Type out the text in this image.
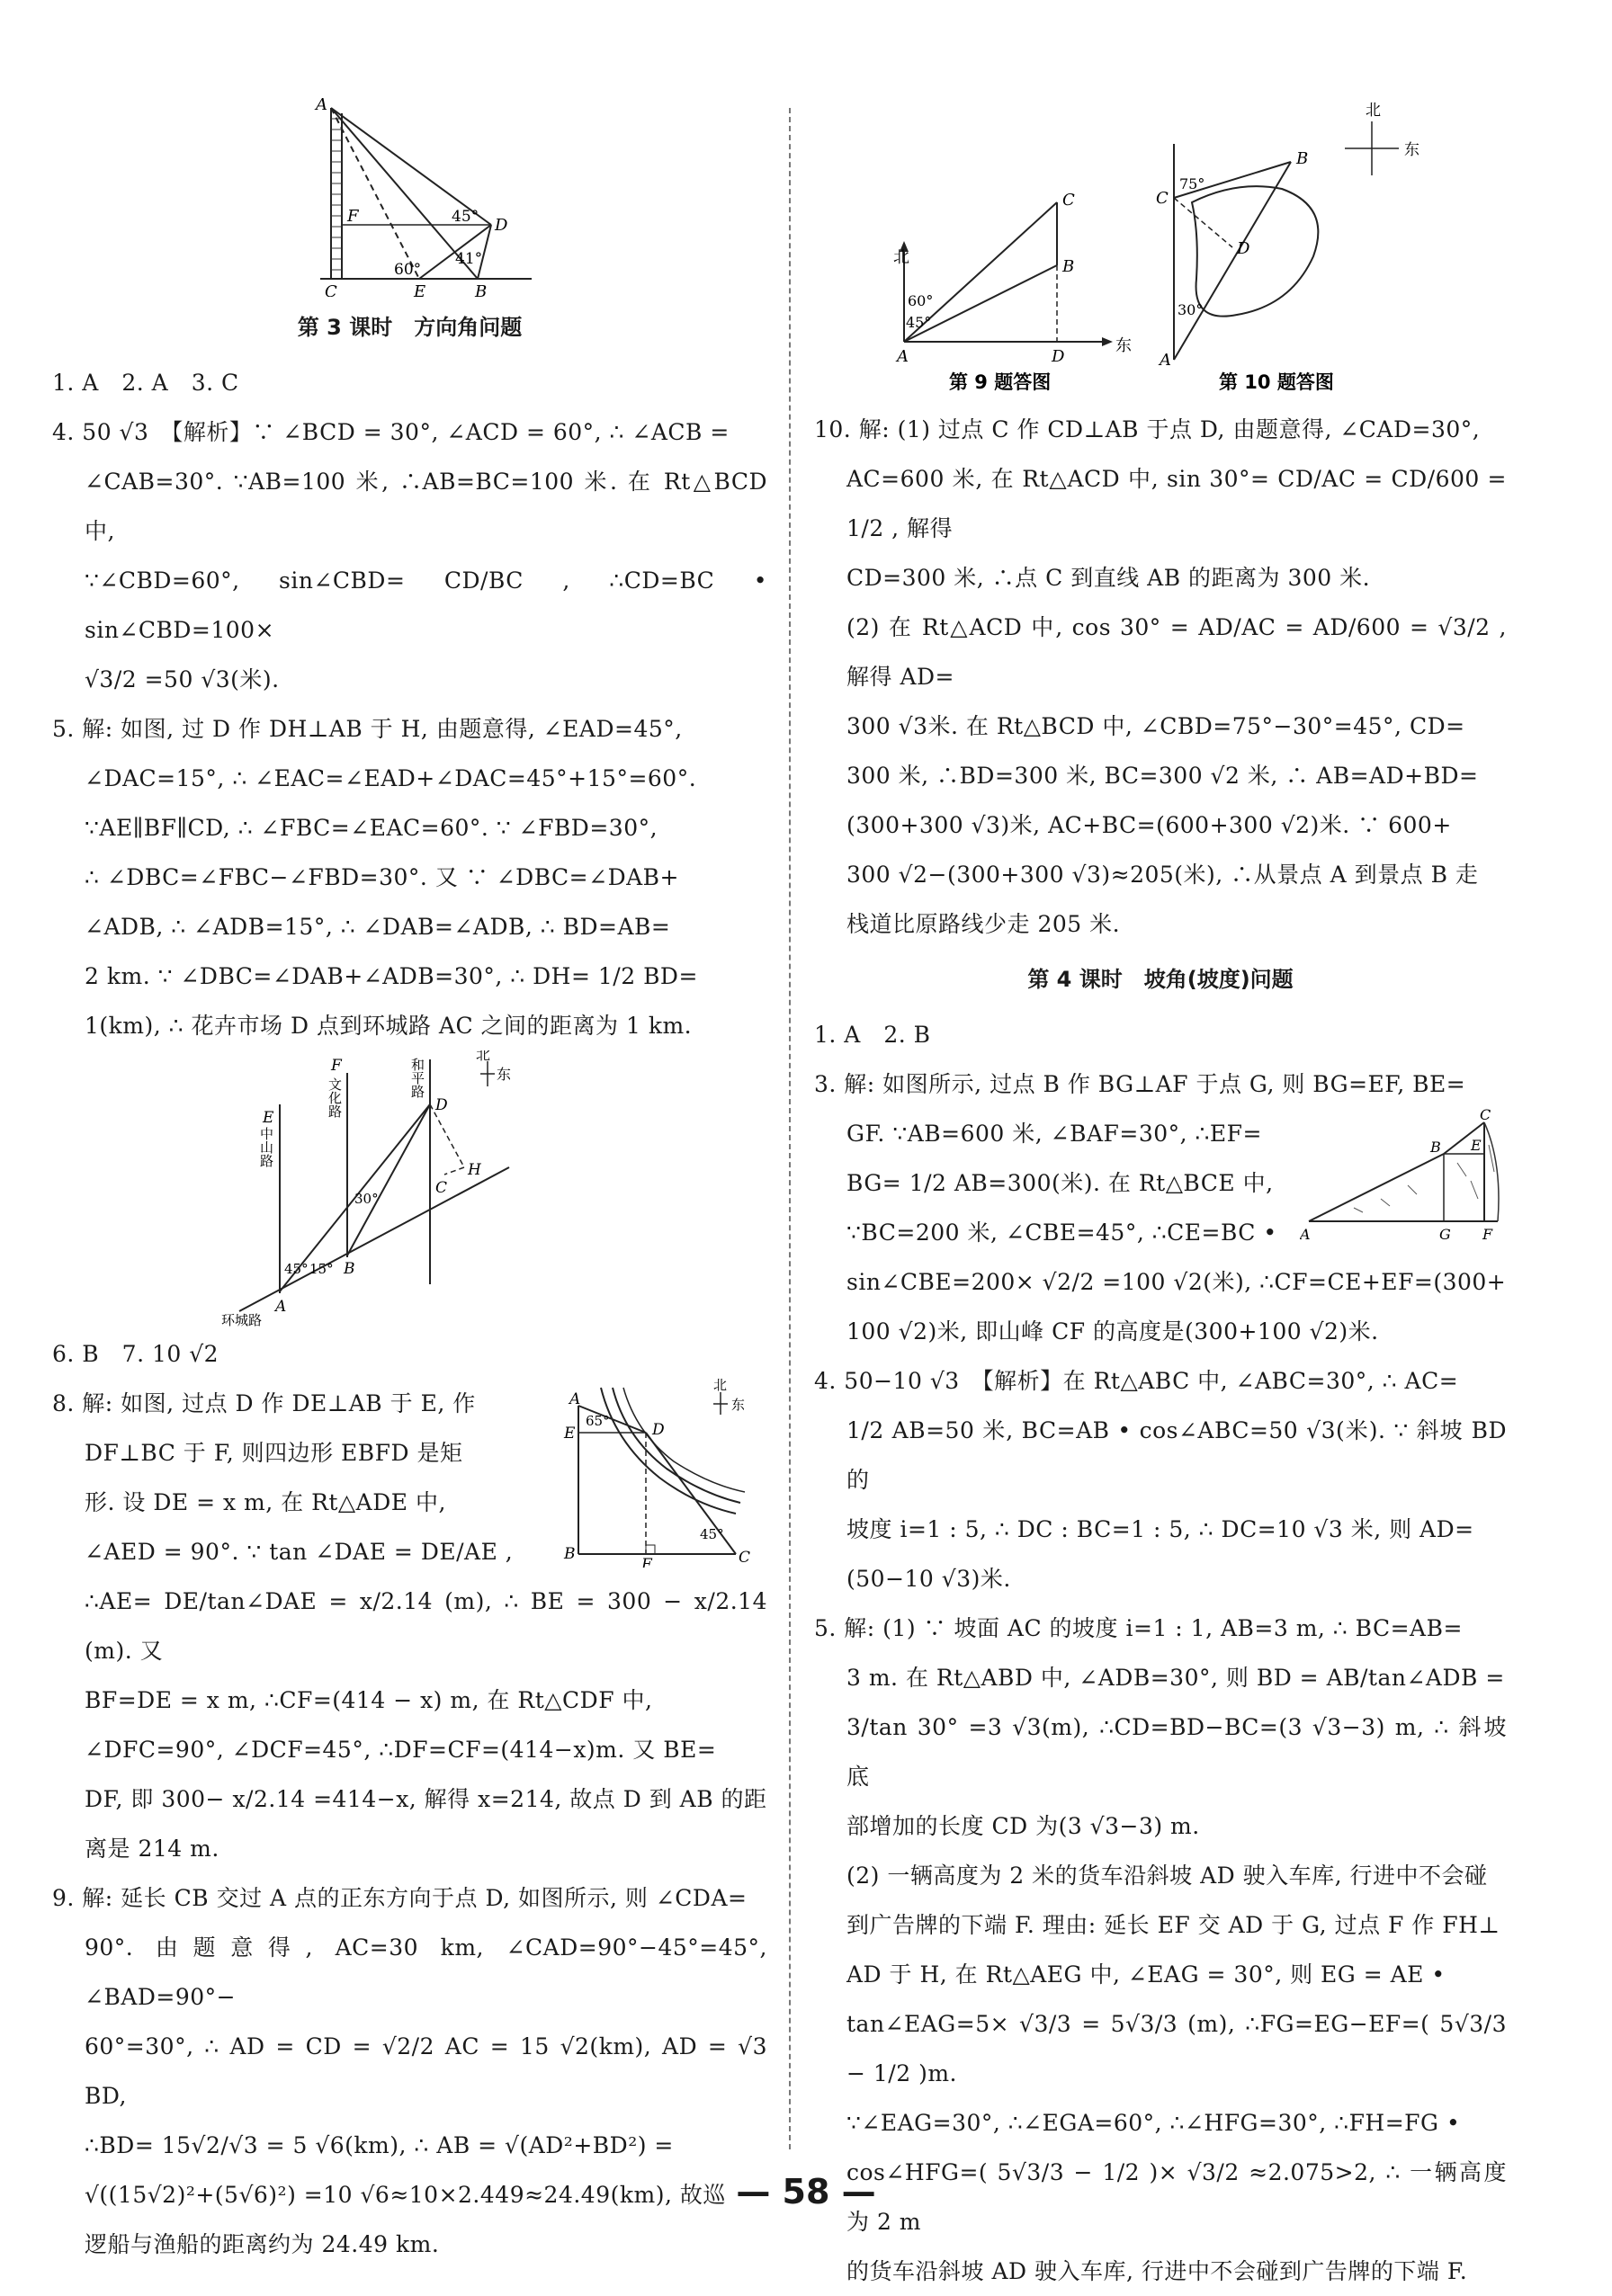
A
F	D
C	E	B
45°
60°
41°
第 3 课时　方向角问题

1. A　2. A　3. C

4. 50 √3　【解析】∵ ∠BCD = 30°, ∠ACD = 60°, ∴ ∠ACB =

∠CAB=30°. ∵AB=100 米, ∴AB=BC=100 米. 在 Rt△BCD 中,

∵∠CBD=60°, sin∠CBD= CD/BC , ∴CD=BC • sin∠CBD=100×

√3/2 =50 √3(米).

5. 解: 如图, 过 D 作 DH⊥AB 于 H, 由题意得, ∠EAD=45°,

∠DAC=15°, ∴ ∠EAC=∠EAD+∠DAC=45°+15°=60°.

∵AE∥BF∥CD, ∴ ∠FBC=∠EAC=60°. ∵ ∠FBD=30°,

∴ ∠DBC=∠FBC−∠FBD=30°. 又 ∵ ∠DBC=∠DAB+

∠ADB, ∴ ∠ADB=15°, ∴ ∠DAB=∠ADB, ∴ BD=AB=

2 km. ∵ ∠DBC=∠DAB+∠ADB=30°, ∴ DH= 1/2 BD=

1(km), ∴ 花卉市场 D 点到环城路 AC 之间的距离为 1 km.

北
东
和平路
文化路
中山路
环城路
E
F
D
H
C
B
A
30°
45° 15°

6. B　7. 10 √2

8. 解: 如图, 过点 D 作 DE⊥AB 于 E, 作

DF⊥BC 于 F, 则四边形 EBFD 是矩

形. 设 DE = x m, 在 Rt△ADE 中,

∠AED = 90°. ∵ tan ∠DAE = DE/AE ,

A
E	D
B
F	C
65°
45°
北
东

∴AE= DE/tan∠DAE = x/2.14 (m), ∴ BE = 300 − x/2.14 (m). 又

BF=DE = x m, ∴CF=(414 − x) m, 在 Rt△CDF 中,

∠DFC=90°, ∠DCF=45°, ∴DF=CF=(414−x)m. 又 BE=

DF, 即 300− x/2.14 =414−x, 解得 x=214, 故点 D 到 AB 的距

离是 214 m.

9. 解: 延长 CB 交过 A 点的正东方向于点 D, 如图所示, 则 ∠CDA=

90°. 由题意得, AC=30 km, ∠CAD=90°−45°=45°, ∠BAD=90°−

60°=30°, ∴ AD = CD = √2/2 AC = 15 √2(km), AD = √3 BD,

∴BD= 15√2/√3 = 5 √6(km), ∴ AB = √(AD²+BD²) =

√((15√2)²+(5√6)²) =10 √6≈10×2.449≈24.49(km), 故巡

逻船与渔船的距离约为 24.49 km.

北
东
C
B
A	D
60°
45°
第 9 题答图
北
东
C
B
D
A
75°
30°
第 10 题答图

10. 解: (1) 过点 C 作 CD⊥AB 于点 D, 由题意得, ∠CAD=30°,

AC=600 米, 在 Rt△ACD 中, sin 30°= CD/AC = CD/600 = 1/2 , 解得

CD=300 米, ∴点 C 到直线 AB 的距离为 300 米.

(2) 在 Rt△ACD 中, cos 30° = AD/AC = AD/600 = √3/2 , 解得 AD=

300 √3米. 在 Rt△BCD 中, ∠CBD=75°−30°=45°, CD=

300 米, ∴BD=300 米, BC=300 √2 米, ∴ AB=AD+BD=

(300+300 √3)米, AC+BC=(600+300 √2)米. ∵ 600+

300 √2−(300+300 √3)≈205(米), ∴从景点 A 到景点 B 走

栈道比原路线少走 205 米.

第 4 课时　坡角(坡度)问题

1. A　2. B

3. 解: 如图所示, 过点 B 作 BG⊥AF 于点 G, 则 BG=EF, BE=

GF. ∵AB=600 米, ∠BAF=30°, ∴EF=

BG= 1/2 AB=300(米). 在 Rt△BCE 中,

∵BC=200 米, ∠CBE=45°, ∴CE=BC •	A
B
C
E
G F

sin∠CBE=200× √2/2 =100 √2(米), ∴CF=CE+EF=(300+

100 √2)米, 即山峰 CF 的高度是(300+100 √2)米.

4. 50−10 √3　【解析】在 Rt△ABC 中, ∠ABC=30°, ∴ AC=

1/2 AB=50 米, BC=AB • cos∠ABC=50 √3(米). ∵ 斜坡 BD 的

坡度 i=1 : 5, ∴ DC : BC=1 : 5, ∴ DC=10 √3 米, 则 AD=

(50−10 √3)米.

5. 解: (1) ∵ 坡面 AC 的坡度 i=1 : 1, AB=3 m, ∴ BC=AB=

3 m. 在 Rt△ABD 中, ∠ADB=30°, 则 BD = AB/tan∠ADB =

3/tan 30° =3 √3(m), ∴CD=BD−BC=(3 √3−3) m, ∴ 斜坡底

部增加的长度 CD 为(3 √3−3) m.

(2) 一辆高度为 2 米的货车沿斜坡 AD 驶入车库, 行进中不会碰

到广告牌的下端 F. 理由: 延长 EF 交 AD 于 G, 过点 F 作 FH⊥

AD 于 H, 在 Rt△AEG 中, ∠EAG = 30°, 则 EG = AE •

tan∠EAG=5× √3/3 = 5√3/3 (m), ∴FG=EG−EF=( 5√3/3 − 1/2 )m.

∵∠EAG=30°, ∴∠EGA=60°, ∴∠HFG=30°, ∴FH=FG •

cos∠HFG=( 5√3/3 − 1/2 )× √3/2 ≈2.075>2, ∴ 一辆高度为 2 m

的货车沿斜坡 AD 驶入车库, 行进中不会碰到广告牌的下端 F.

— 58 —
